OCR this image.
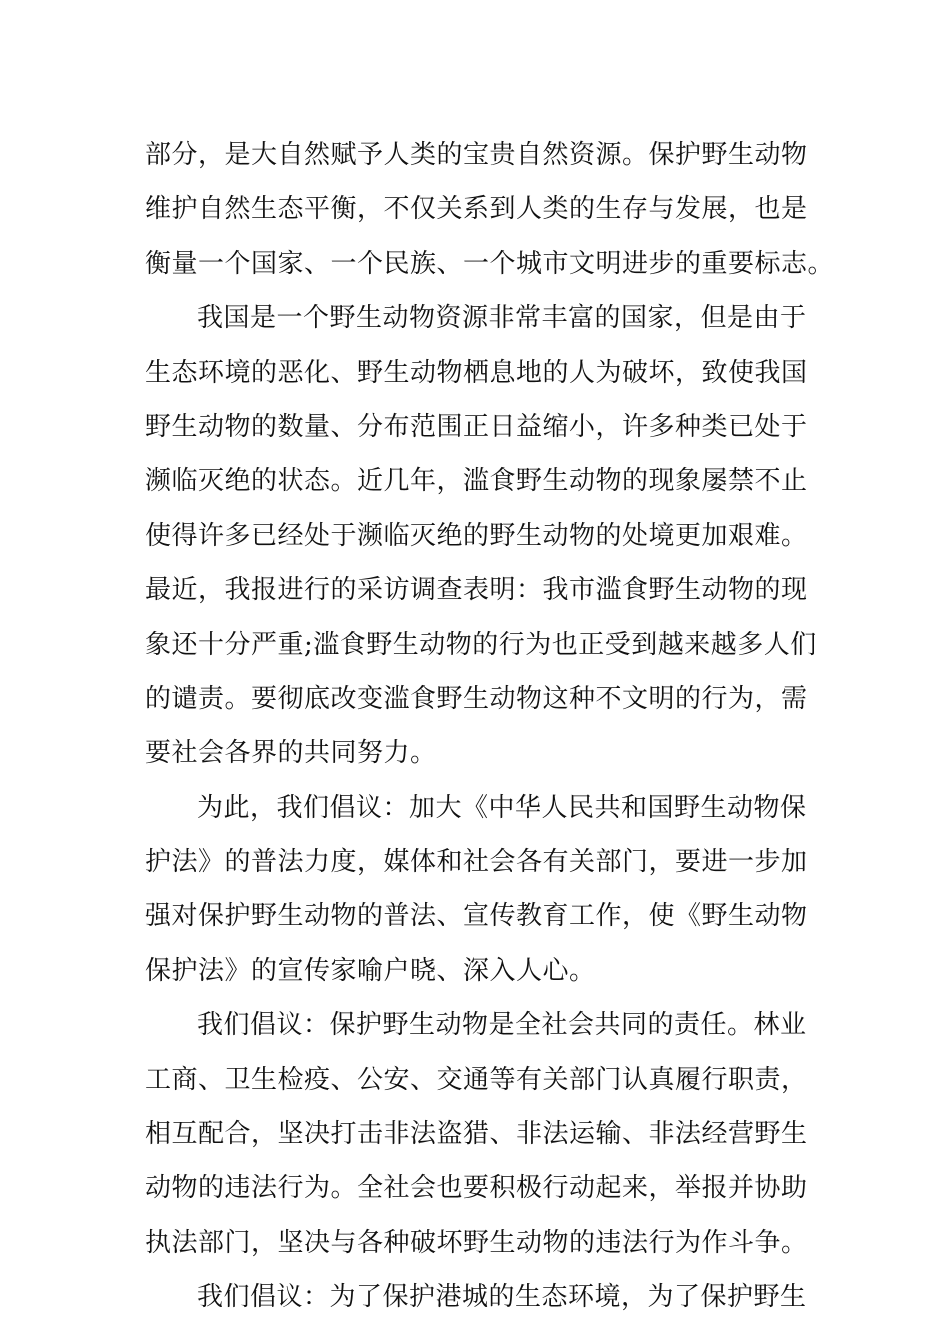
部分，是大自然赋予人类的宝贵自然资源。保护野生动物
维护自然生态平衡，不仅关系到人类的生存与发展，也是
衡量一个国家、一个民族、一个城市文明进步的重要标志。
我国是一个野生动物资源非常丰富的国家，但是由于
生态环境的恶化、野生动物栖息地的人为破坏，致使我国
野生动物的数量、分布范围正日益缩小，许多种类已处于
濒临灭绝的状态。近几年，滥食野生动物的现象屡禁不止
使得许多已经处于濒临灭绝的野生动物的处境更加艰难。
最近，我报进行的采访调查表明：我市滥食野生动物的现
象还十分严重;滥食野生动物的行为也正受到越来越多人们
的谴责。要彻底改变滥食野生动物这种不文明的行为，需
要社会各界的共同努力。
为此，我们倡议：加大《中华人民共和国野生动物保
护法》的普法力度，媒体和社会各有关部门，要进一步加
强对保护野生动物的普法、宣传教育工作，使《野生动物
保护法》的宣传家喻户晓、深入人心。
我们倡议：保护野生动物是全社会共同的责任。林业
工商、卫生检疫、公安、交通等有关部门认真履行职责，
相互配合，坚决打击非法盗猎、非法运输、非法经营野生
动物的违法行为。全社会也要积极行动起来，举报并协助
执法部门，坚决与各种破坏野生动物的违法行为作斗争。
我们倡议：为了保护港城的生态环境，为了保护野生
